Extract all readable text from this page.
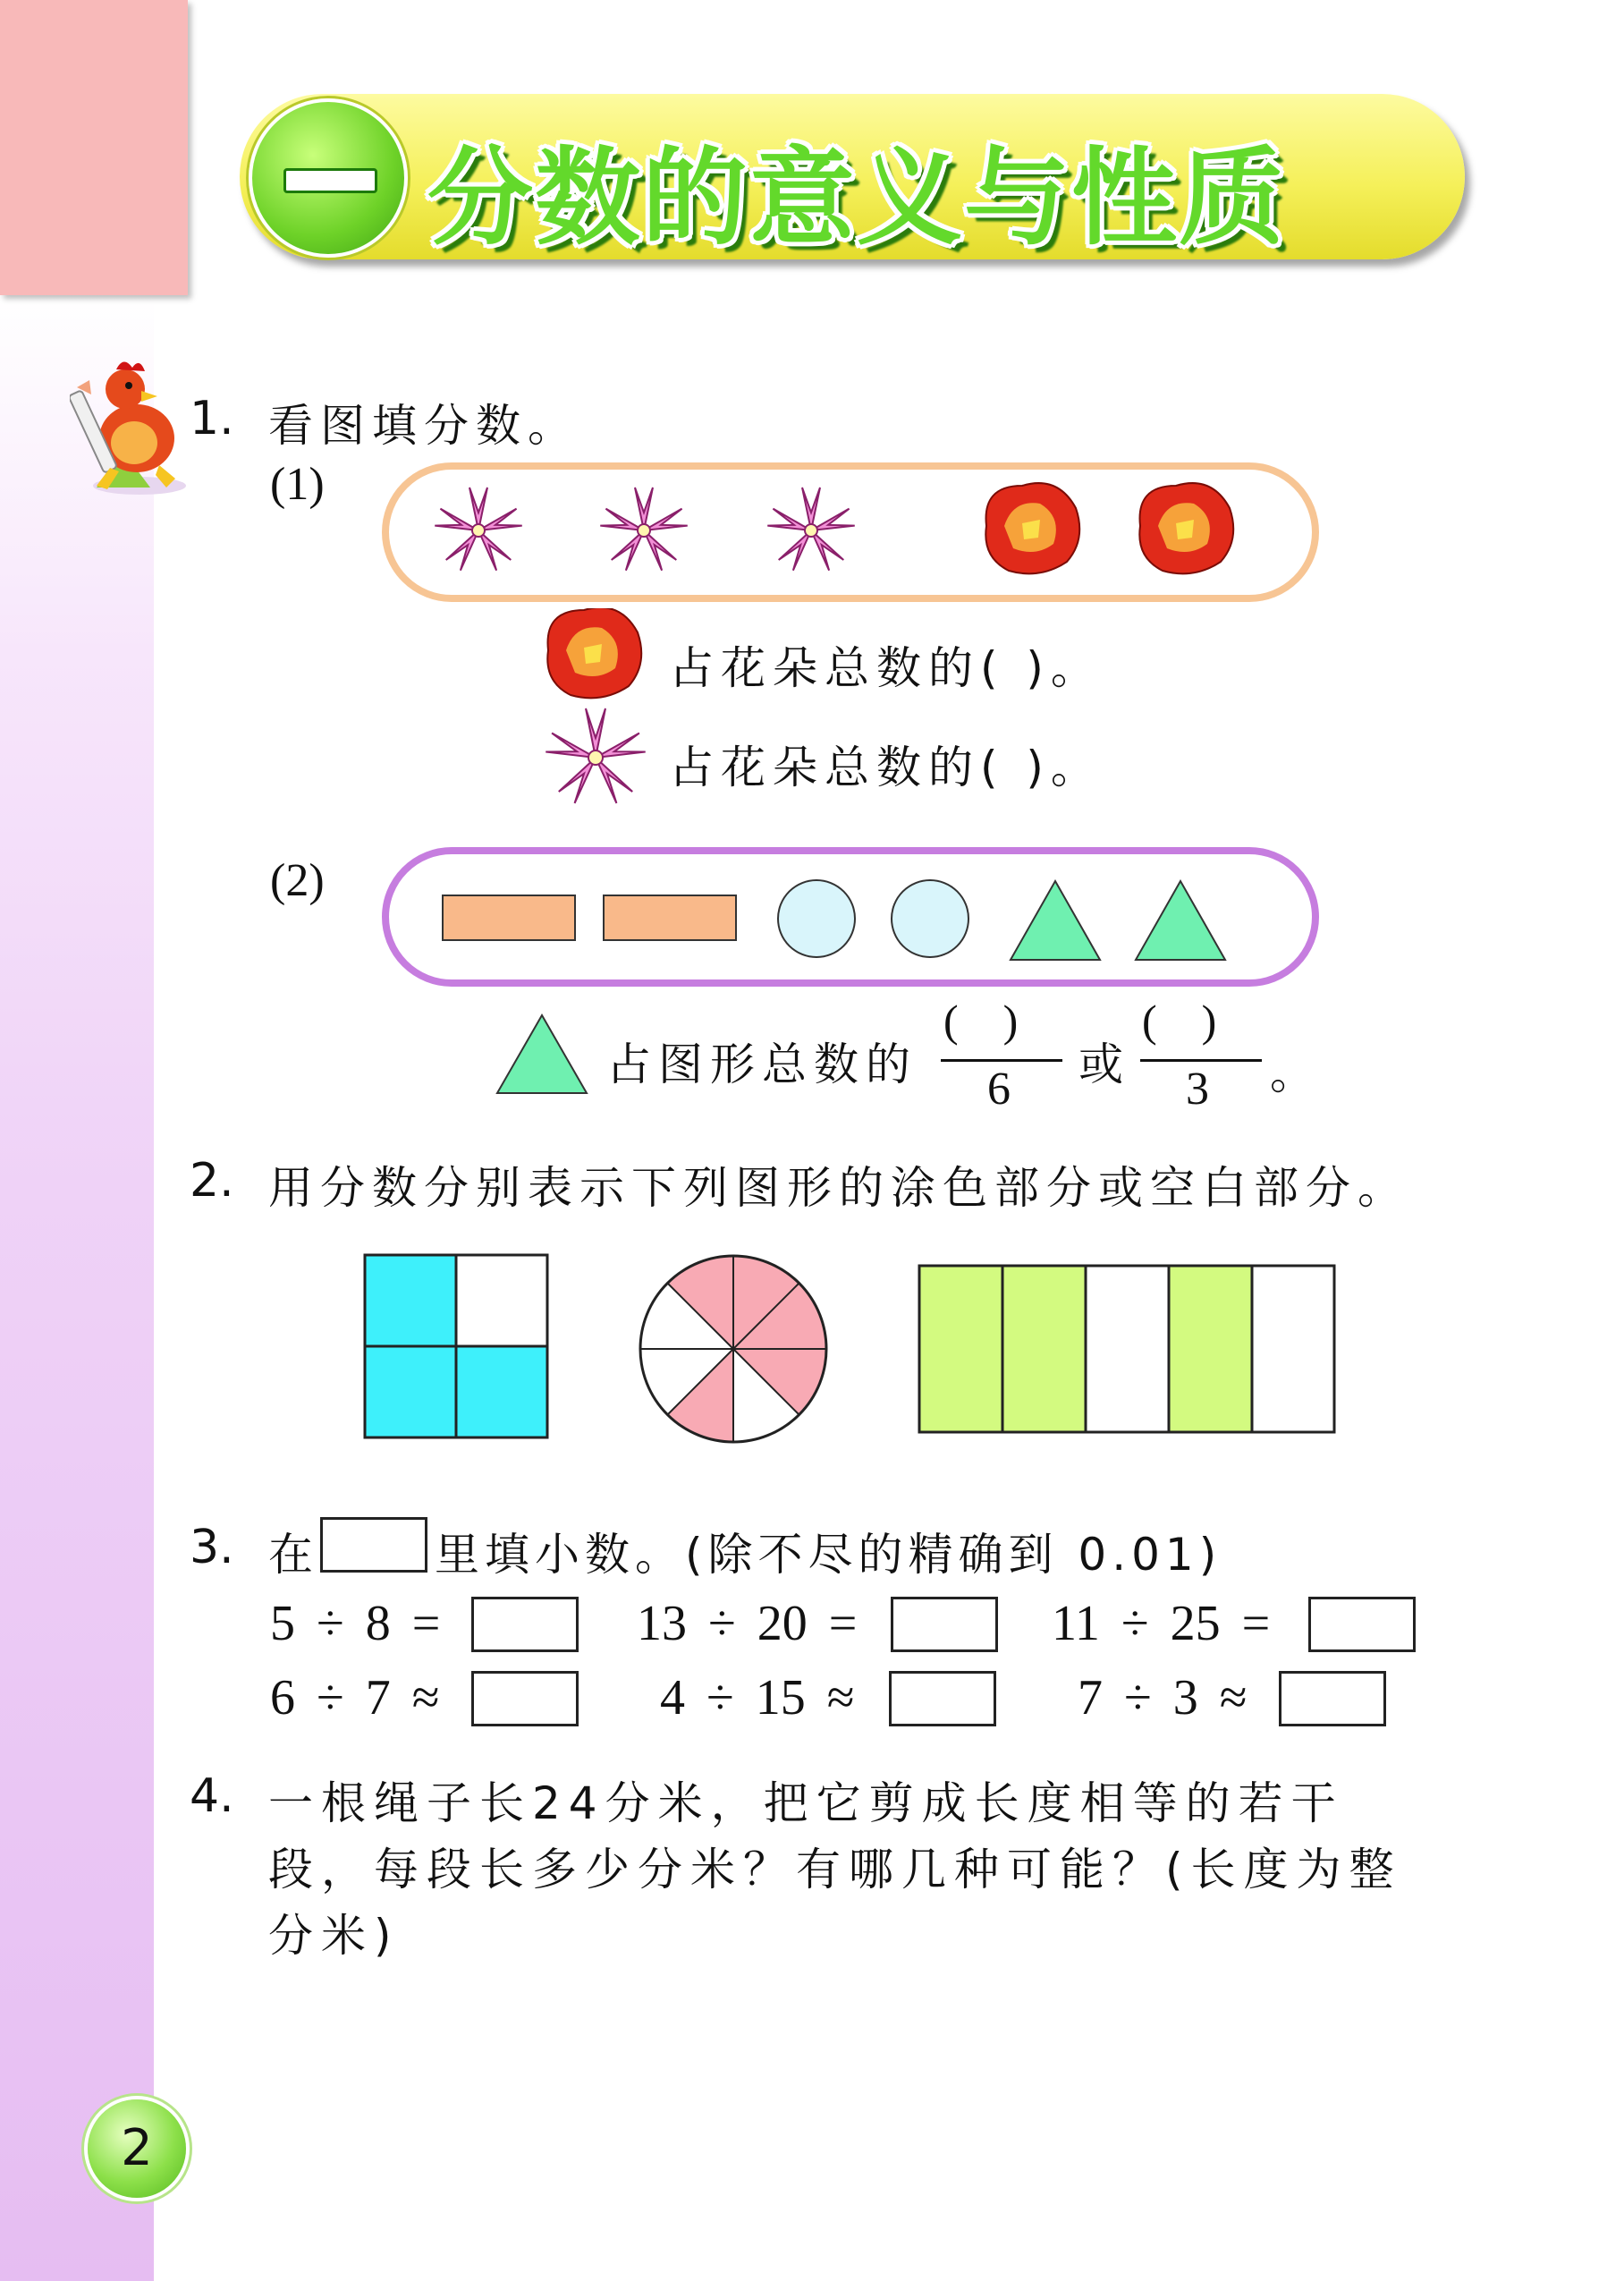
分数的意义与性质
1. 看图填分数。
(1)
占花朵总数的( )。
占花朵总数的( )。
(2)
占图形总数的
(    )
6 或
(    )
3 。
2. 用分数分别表示下列图形的涂色部分或空白部分。
3. 在	里填小数。(除不尽的精确到 0.01)
5 ÷ 8 =	13 ÷ 20 =	11 ÷ 25 =
6 ÷ 7 ≈	4 ÷ 15 ≈	7 ÷ 3 ≈
4. 一根绳子长24分米，把它剪成长度相等的若干
段，每段长多少分米？有哪几种可能？(长度为整
分米)
2
